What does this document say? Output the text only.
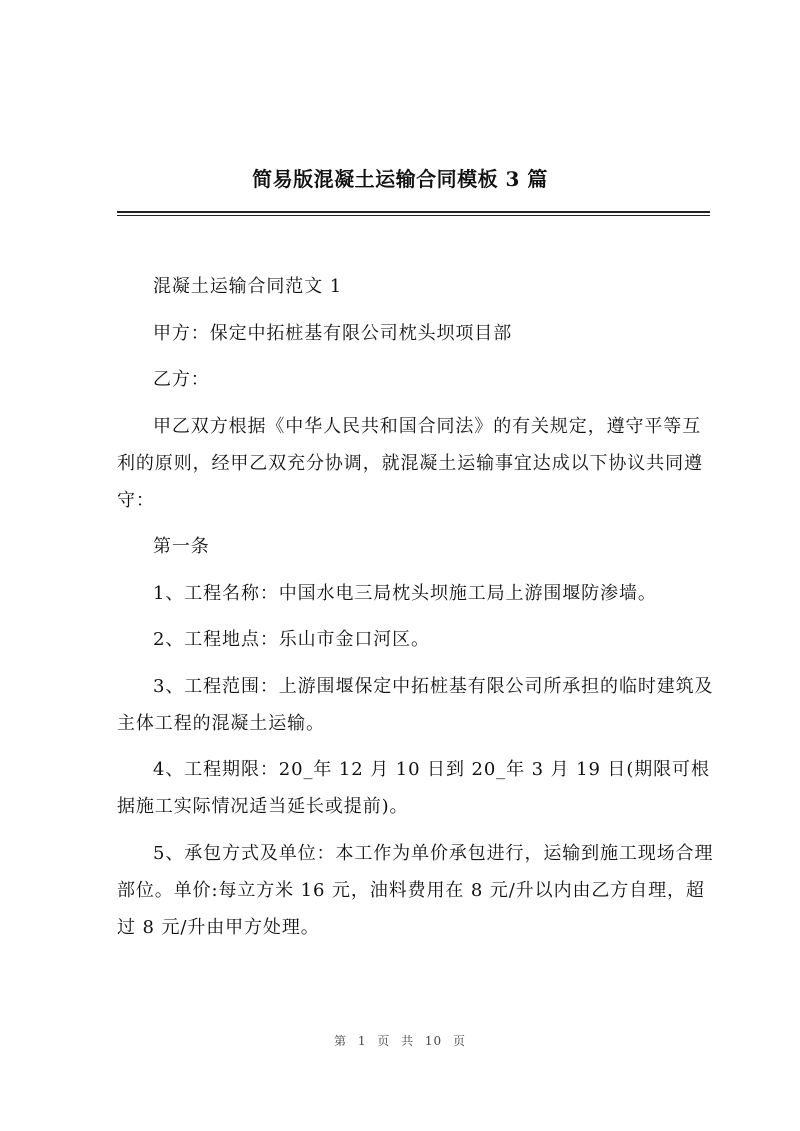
简易版混凝土运输合同模板 3 篇

混凝土运输合同范文 1

甲方：保定中拓桩基有限公司枕头坝项目部

乙方：

甲乙双方根据《中华人民共和国合同法》的有关规定，遵守平等互利的原则，经甲乙双充分协调，就混凝土运输事宜达成以下协议共同遵守：

第一条

1、工程名称：中国水电三局枕头坝施工局上游围堰防渗墙。

2、工程地点：乐山市金口河区。

3、工程范围：上游围堰保定中拓桩基有限公司所承担的临时建筑及主体工程的混凝土运输。

4、工程期限：20_年 12 月 10 日到 20_年 3 月 19 日(期限可根据施工实际情况适当延长或提前)。

5、承包方式及单位：本工作为单价承包进行，运输到施工现场合理部位。单价:每立方米 16 元，油料费用在 8 元/升以内由乙方自理，超过 8 元/升由甲方处理。

第 1 页 共 10 页
